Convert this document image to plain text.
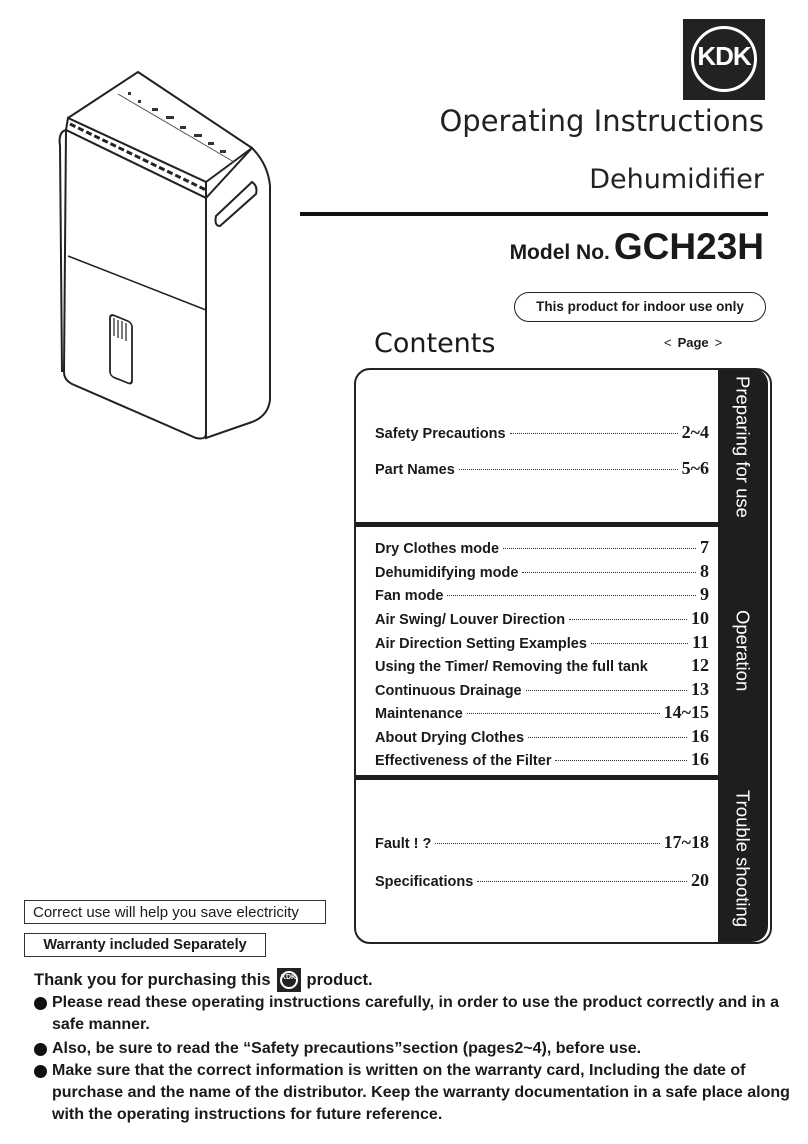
KDK
Operating Instructions
Dehumidifier
Model No. GCH23H
This product for indoor use only
Contents	< Page >
Preparing for use
Operation
Trouble shooting
Safety Precautions	2~4
Part Names	5~6
Dry Clothes mode	7
Dehumidifying mode	8
Fan mode	9
Air Swing/ Louver Direction	10
Air Direction Setting Examples	11
Using the Timer/ Removing the full tank 12
Continuous Drainage	13
Maintenance	14~15
About Drying Clothes	16
Effectiveness of the Filter	16
Fault ! ?	17~18
Specifications	20
Correct use will help you save electricity
Warranty included Separately
Thank you for purchasing this	KDK product.
Please read these operating instructions carefully, in order to use the product correctly and in a safe manner.
Also, be sure to read the “Safety precautions”section (pages2~4), before use.
Make sure that the correct information is written on the warranty card, Including the date of purchase and the name of the distributor. Keep the warranty documentation in a safe place along with the operating instructions for future reference.
